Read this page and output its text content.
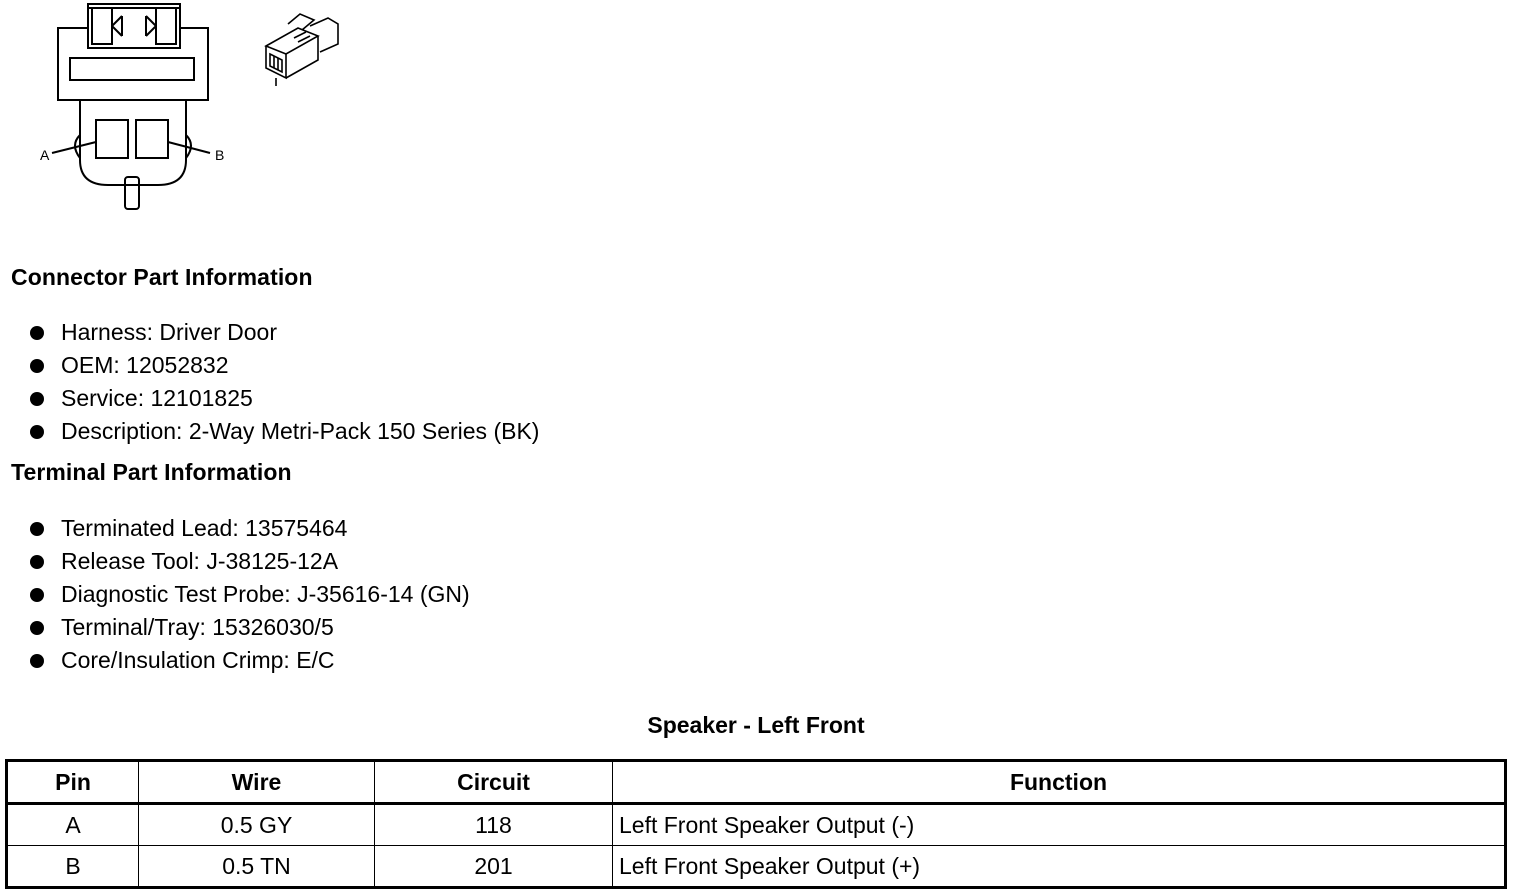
A	B
Connector Part Information
Harness: Driver Door
OEM: 12052832
Service: 12101825
Description: 2-Way Metri-Pack 150 Series (BK)
Terminal Part Information
Terminated Lead: 13575464
Release Tool: J-38125-12A
Diagnostic Test Probe: J-35616-14 (GN)
Terminal/Tray: 15326030/5
Core/Insulation Crimp: E/C
Speaker - Left Front
Pin	Wire	Circuit	Function
A	0.5 GY	118	Left Front Speaker Output (-)
B	0.5 TN	201	Left Front Speaker Output (+)
